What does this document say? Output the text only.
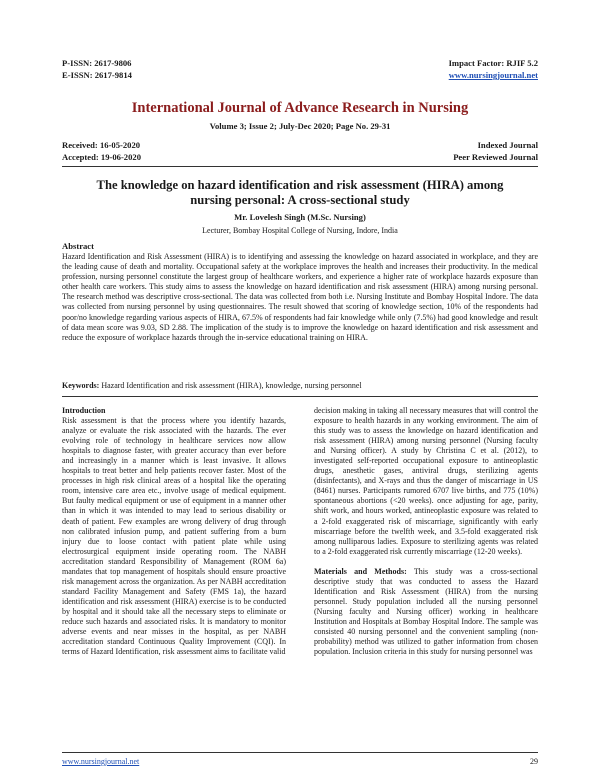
P-ISSN: 2617-9806
E-ISSN: 2617-9814
Impact Factor: RJIF 5.2
www.nursingjournal.net
International Journal of Advance Research in Nursing
Volume 3; Issue 2; July-Dec 2020; Page No. 29-31
Received: 16-05-2020
Accepted: 19-06-2020
Indexed Journal
Peer Reviewed Journal
The knowledge on hazard identification and risk assessment (HIRA) among nursing personal: A cross-sectional study
Mr. Lovelesh Singh (M.Sc. Nursing)
Lecturer, Bombay Hospital College of Nursing, Indore, India
Abstract

Hazard Identification and Risk Assessment (HIRA) is to identifying and assessing the knowledge on hazard associated in workplace, and they are the leading cause of death and mortality. Occupational safety at the workplace improves the health and increases their productivity. In the medical profession, nursing personnel constitute the largest group of healthcare workers, and experience a higher rate of workplace hazards exposure than other health care workers. This study aims to assess the knowledge on hazard identification and risk assessment (HIRA) among nursing personal. The research method was descriptive cross-sectional. The data was collected from both i.e. Nursing Institute and Bombay Hospital Indore. The data was collected from nursing personnel by using questionnaires. The result showed that scoring of knowledge section, 10% of the respondents had poor/no knowledge regarding various aspects of HIRA, 67.5% of respondents had fair knowledge while only (7.5%) had good knowledge and result of data mean score was 9.03, SD 2.88. The implication of the study is to improve the knowledge on hazard identification and risk assessment and reduce the exposure of workplace hazards through the in-service educational training on HIRA.

Keywords: Hazard Identification and risk assessment (HIRA), knowledge, nursing personnel
Introduction

Risk assessment is that the process where you identify hazards, analyze or evaluate the risk associated with the hazards. The ever evolving role of technology in healthcare services now allow hospitals to diagnose faster, with greater accuracy than ever before and increasingly in a manner which is least invasive. It allows hospitals to treat better and help patients recover faster. Most of the processes in high risk clinical areas of a hospital like the operating room, intensive care area etc., involve usage of medical equipment. But faulty medical equipment or use of equipment in a manner other than in which it was intended to may lead to serious disability or death of patient. Few examples are wrong delivery of drug through non calibrated infusion pump, and patient suffering from a burn injury due to loose contact with patient plate while using electrosurgical equipment inside operating room. The NABH accreditation standard Responsibility of Management (ROM 6a) mandates that top management of hospitals should ensure proactive risk management across the organization. As per NABH accreditation standard Facility Management and Safety (FMS 1a), the hazard identification and risk assessment (HIRA) exercise is to be conducted by hospital and it should take all the necessary steps to eliminate or reduce such hazards and associated risks. It is mandatory to monitor adverse events and near misses in the hospital, as per NABH accreditation standard Continuous Quality Improvement (CQI). In terms of Hazard Identification, risk assessment aims to facilitate valid

decision making in taking all necessary measures that will control the exposure to health hazards in any working environment. The aim of this study was to assess the knowledge on hazard identification and risk assessment (HIRA) among nursing personnel (Nursing faculty and Nursing officer). A study by Christina C et al. (2012), to investigated self-reported occupational exposure to antineoplastic drugs, anesthetic gases, antiviral drugs, sterilizing agents (disinfectants), and X-rays and thus the danger of miscarriage in US (8461) nurses. Participants rumored 6707 live births, and 775 (10%) spontaneous abortions (<20 weeks). once adjusting for age, parity, shift work, and hours worked, antineoplastic exposure was related to a 2-fold exaggerated risk of miscarriage, significantly with early miscarriage before the twelfth week, and 3.5-fold exaggerated risk among nulliparous ladies. Exposure to sterilizing agents was related to a 2-fold exaggerated risk currently miscarriage (12-20 weeks).

Materials and Methods: This study was a cross-sectional descriptive study that was conducted to assess the Hazard Identification and Risk Assessment (HIRA) from the nursing personnel. Study population included all the nursing personnel (Nursing faculty and Nursing officer) working in healthcare Institution and Hospitals at Bombay Hospital Indore. The sample was consisted 40 nursing personnel and the convenient sampling (non-probability) method was utilized to gather information from chosen population. Inclusion criteria in this study for nursing personnel was

www.nursingjournal.net	29
